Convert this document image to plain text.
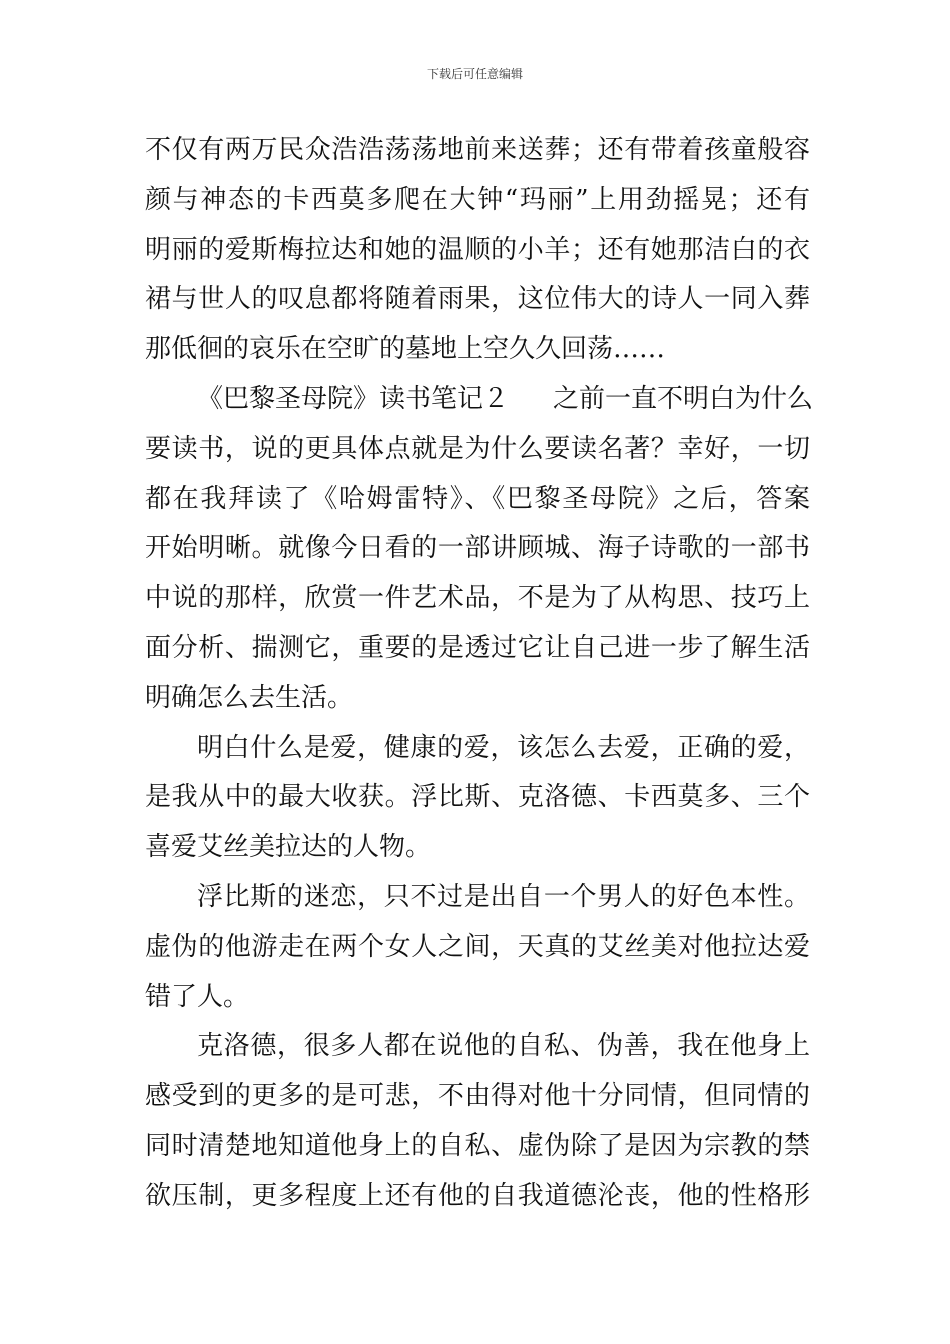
下载后可任意编辑
不仅有两万民众浩浩荡荡地前来送葬；还有带着孩童般容
颜与神态的卡西莫多爬在大钟“玛丽”上用劲摇晃；还有
明丽的爱斯梅拉达和她的温顺的小羊；还有她那洁白的衣
裙与世人的叹息都将随着雨果，这位伟大的诗人一同入葬
那低徊的哀乐在空旷的墓地上空久久回荡……
《巴黎圣母院》读书笔记２ 之前一直不明白为什么
要读书，说的更具体点就是为什么要读名著？幸好，一切
都在我拜读了《哈姆雷特》、《巴黎圣母院》之后，答案
开始明晰。就像今日看的一部讲顾城、海子诗歌的一部书
中说的那样，欣赏一件艺术品，不是为了从构思、技巧上
面分析、揣测它，重要的是透过它让自己进一步了解生活
明确怎么去生活。
明白什么是爱，健康的爱，该怎么去爱，正确的爱，
是我从中的最大收获。浮比斯、克洛德、卡西莫多、三个
喜爱艾丝美拉达的人物。
浮比斯的迷恋，只不过是出自一个男人的好色本性。
虚伪的他游走在两个女人之间，天真的艾丝美对他拉达爱
错了人。
克洛德，很多人都在说他的自私、伪善，我在他身上
感受到的更多的是可悲，不由得对他十分同情，但同情的
同时清楚地知道他身上的自私、虚伪除了是因为宗教的禁
欲压制，更多程度上还有他的自我道德沦丧，他的性格形
